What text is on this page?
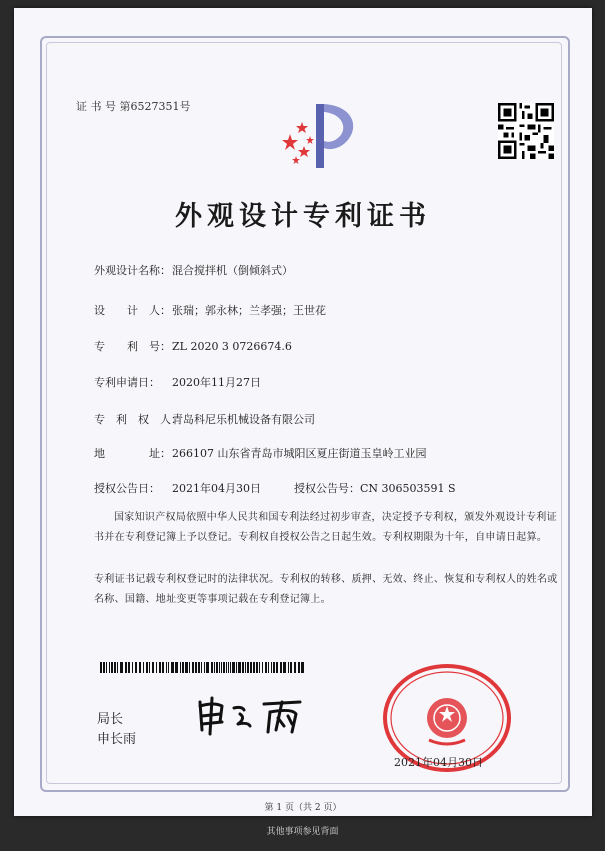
证 书 号 第6527351号
外观设计专利证书
外观设计名称：混合搅拌机（倒倾斜式）
设　　计　人：张瑞；郭永林；兰孝强；王世花
专　　利　号：ZL 2020 3 0726674.6
专利申请日： 2020年11月27日
专　利　权　人：青岛科尼乐机械设备有限公司
地　　　　址：266107 山东省青岛市城阳区夏庄街道玉皇岭工业园
授权公告日： 2021年04月30日　　　授权公告号：CN 306503591 S
国家知识产权局依照中华人民共和国专利法经过初步审查，决定授予专利权，颁发外观设计专利证书并在专利登记簿上予以登记。专利权自授权公告之日起生效。专利权期限为十年，自申请日起算。
专利证书记载专利权登记时的法律状况。专利权的转移、质押、无效、终止、恢复和专利权人的姓名或名称、国籍、地址变更等事项记载在专利登记簿上。
局长
申长雨
2021年04月30日
第 1 页（共 2 页）
其他事项参见背面
